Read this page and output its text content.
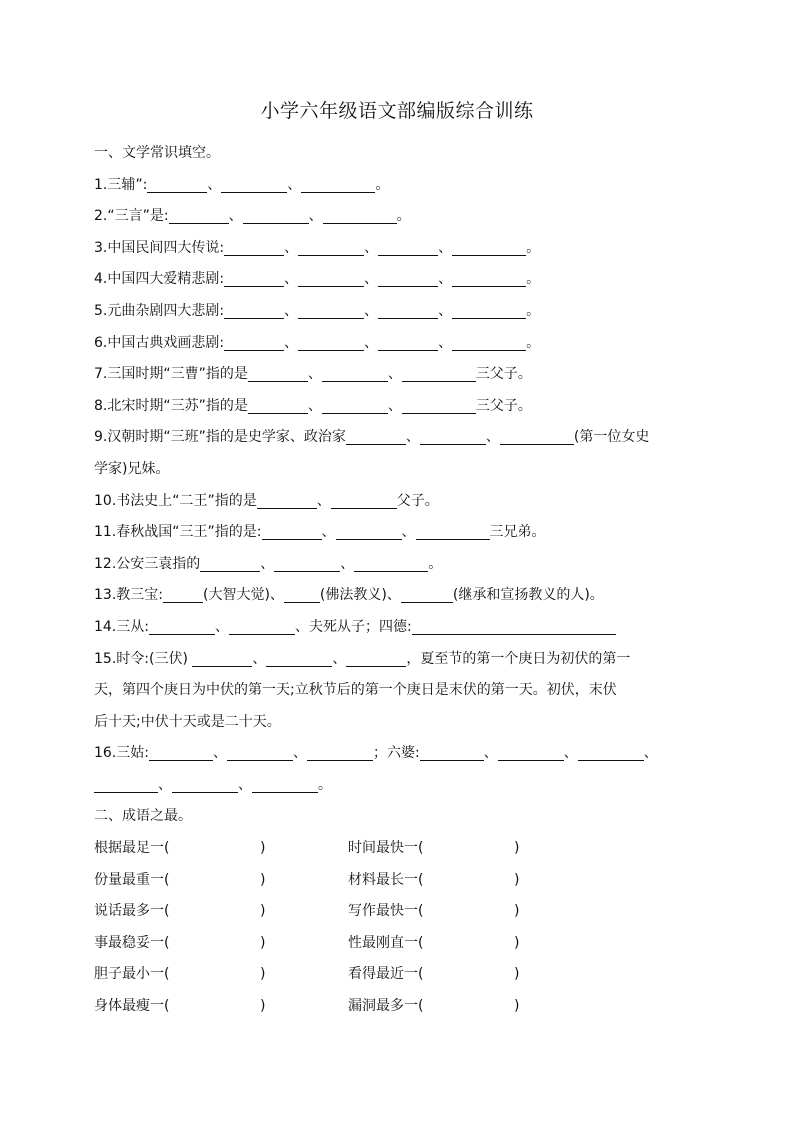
小学六年级语文部编版综合训练
一、文学常识填空。
1.三辅”:	、	、	。
2.“三言”是:	、	、	。
3.中国民间四大传说:	、	、	、	。
4.中国四大爱精悲剧:	、	、	、	。
5.元曲杂剧四大悲剧:	、	、	、	。
6.中国古典戏画悲剧:	、	、	、	。
7.三国时期“三曹”指的是	、	、	三父子。
8.北宋时期“三苏”指的是	、	、	三父子。
9.汉朝时期“三班”指的是史学家、政治家	、	、	(第一位女史
学家)兄妹。
10.书法史上“二王”指的是	、	父子。
11.春秋战国“三王”指的是:	、	、	三兄弟。
12.公安三袁指的	、	、	。
13.教三宝:	(大智大觉)、	(佛法教义)、	(继承和宣扬教义的人)。
14.三从:	、	、夫死从子；四德:
15.时令:(三伏)	、	、	，夏至节的第一个庚日为初伏的第一
天，第四个庚日为中伏的第一天;立秋节后的第一个庚日是末伏的第一天。初伏，末伏
后十天;中伏十天或是二十天。
16.三姑:	、	、	；六婆:	、	、	、
、	、	。
二、成语之最。
根据最足一(	)	时间最快一(	)
份量最重一(	)	材料最长一(	)
说话最多一(	)	写作最快一(	)
事最稳妥一(	)	性最刚直一(	)
胆子最小一(	)	看得最近一(	)
身体最瘦一(	)	漏洞最多一(	)
